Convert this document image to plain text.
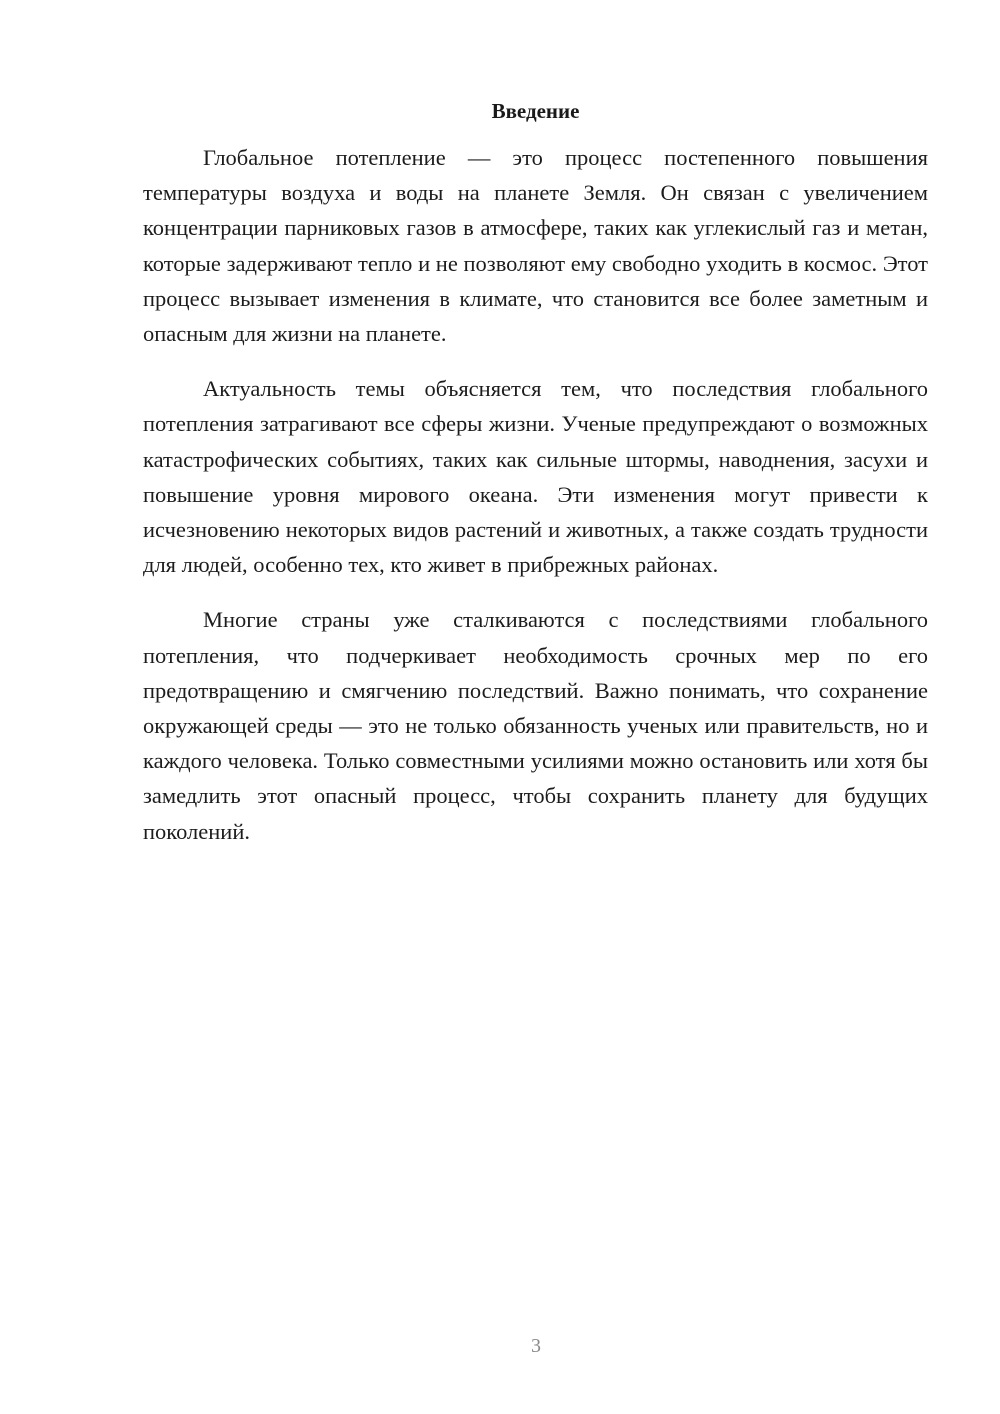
Введение

Глобальное потепление — это процесс постепенного повышения температуры воздуха и воды на планете Земля. Он связан с увеличением концентрации парниковых газов в атмосфере, таких как углекислый газ и метан, которые задерживают тепло и не позволяют ему свободно уходить в космос. Этот процесс вызывает изменения в климате, что становится все более заметным и опасным для жизни на планете.

Актуальность темы объясняется тем, что последствия глобального потепления затрагивают все сферы жизни. Ученые предупреждают о возможных катастрофических событиях, таких как сильные штормы, наводнения, засухи и повышение уровня мирового океана. Эти изменения могут привести к исчезновению некоторых видов растений и животных, а также создать трудности для людей, особенно тех, кто живет в прибрежных районах.

Многие страны уже сталкиваются с последствиями глобального потепления, что подчеркивает необходимость срочных мер по его предотвращению и смягчению последствий. Важно понимать, что сохранение окружающей среды — это не только обязанность ученых или правительств, но и каждого человека. Только совместными усилиями можно остановить или хотя бы замедлить этот опасный процесс, чтобы сохранить планету для будущих поколений.

3
